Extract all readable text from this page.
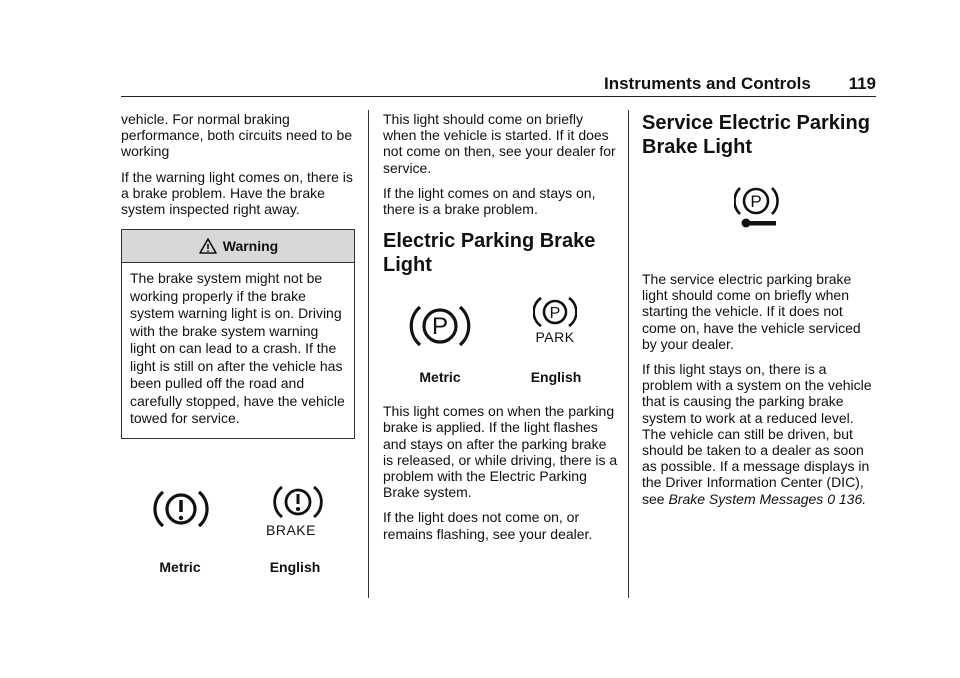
Instruments and Controls 119

vehicle. For normal braking performance, both circuits need to be working

If the warning light comes on, there is a brake problem. Have the brake system inspected right away.

Warning
The brake system might not be working properly if the brake system warning light is on. Driving with the brake system warning light on can lead to a crash. If the light is still on after the vehicle has been pulled off the road and carefully stopped, have the vehicle towed for service.
BRAKE
Metric	English

This light should come on briefly when the vehicle is started. If it does not come on then, see your dealer for service.

If the light comes on and stays on, there is a brake problem.

Electric Parking Brake Light
P	P
PARK
Metric	English

This light comes on when the parking brake is applied. If the light flashes and stays on after the parking brake is released, or while driving, there is a problem with the Electric Parking Brake system.

If the light does not come on, or remains flashing, see your dealer.

Service Electric Parking Brake Light
P

The service electric parking brake light should come on briefly when starting the vehicle. If it does not come on, have the vehicle serviced by your dealer.

If this light stays on, there is a problem with a system on the vehicle that is causing the parking brake system to work at a reduced level. The vehicle can still be driven, but should be taken to a dealer as soon as possible. If a message displays in the Driver Information Center (DIC), see Brake System Messages 0 136.
